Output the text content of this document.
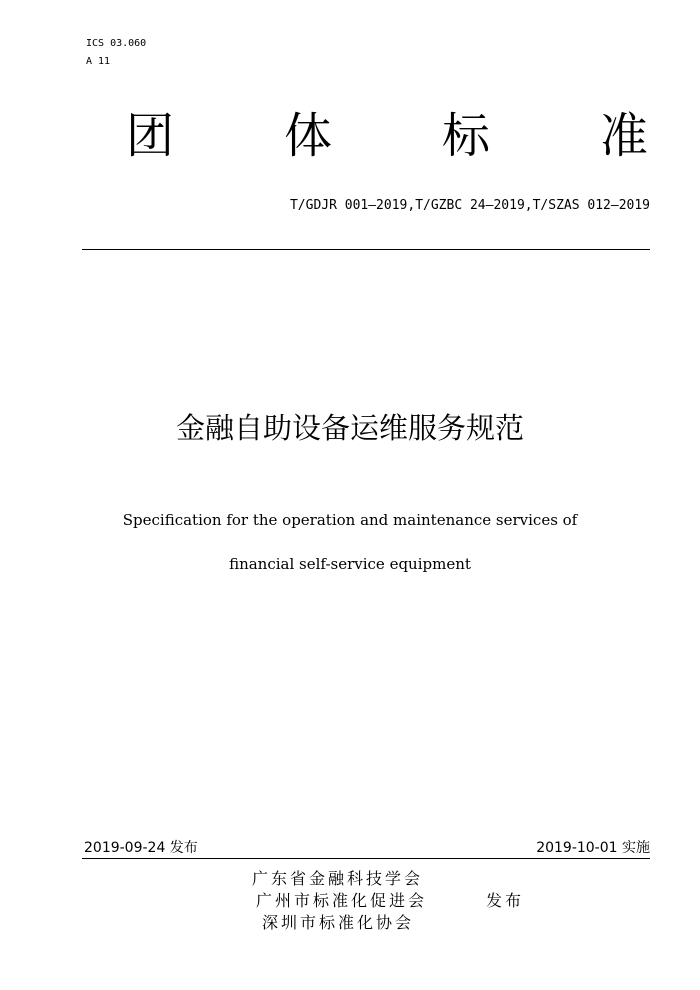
ICS 03.060
A 11
团 体 标 准
T/GDJR 001—2019,T/GZBC 24—2019,T/SZAS 012—2019
金融自助设备运维服务规范
Specification for the operation and maintenance services of
financial self-service equipment
2019-09-24 发布	2019-10-01 实施
广东省金融科技学会
广州市标准化促进会
深圳市标准化协会
发布
